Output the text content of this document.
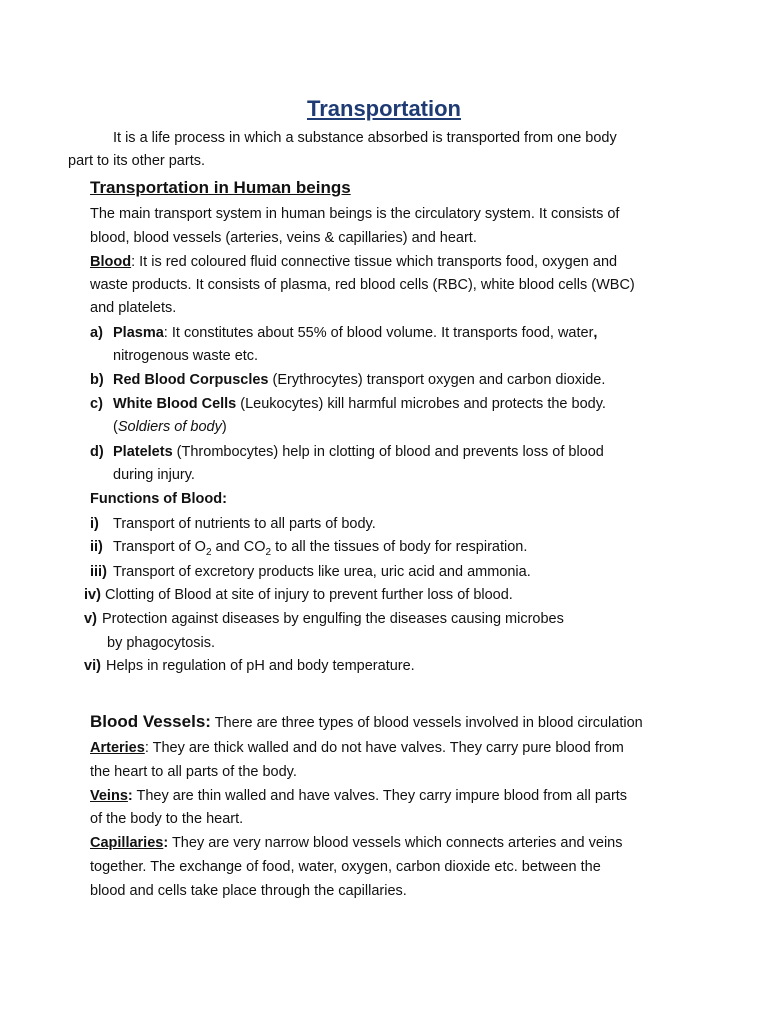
Transportation
It is a life process in which a substance absorbed is transported from one body
part to its other parts.
Transportation in Human beings
The main transport system in human beings is the circulatory system. It consists of
blood, blood vessels (arteries, veins & capillaries) and heart.
Blood: It is red coloured fluid connective tissue which transports food, oxygen and
waste products. It consists of plasma, red blood cells (RBC), white blood cells (WBC)
and platelets.
a) Plasma: It constitutes about 55% of blood volume. It transports food, water,
nitrogenous waste etc.
b) Red Blood Corpuscles (Erythrocytes) transport oxygen and carbon dioxide.
c) White Blood Cells (Leukocytes) kill harmful microbes and protects the body.
(Soldiers of body)
d) Platelets (Thrombocytes) help in clotting of blood and prevents loss of blood
during injury.
Functions of Blood:
i) Transport of nutrients to all parts of body.
ii) Transport of $O_2$ and $CO_2$ to all the tissues of body for respiration.
iii) Transport of excretory products like urea, uric acid and ammonia.
iv) Clotting of Blood at site of injury to prevent further loss of blood.
v) Protection against diseases by engulfing the diseases causing microbes
by phagocytosis.
vi) Helps in regulation of pH and body temperature.
Blood Vessels: There are three types of blood vessels involved in blood circulation
Arteries: They are thick walled and do not have valves. They carry pure blood from
the heart to all parts of the body.
Veins: They are thin walled and have valves. They carry impure blood from all parts
of the body to the heart.
Capillaries: They are very narrow blood vessels which connects arteries and veins
together. The exchange of food, water, oxygen, carbon dioxide etc. between the
blood and cells take place through the capillaries.
